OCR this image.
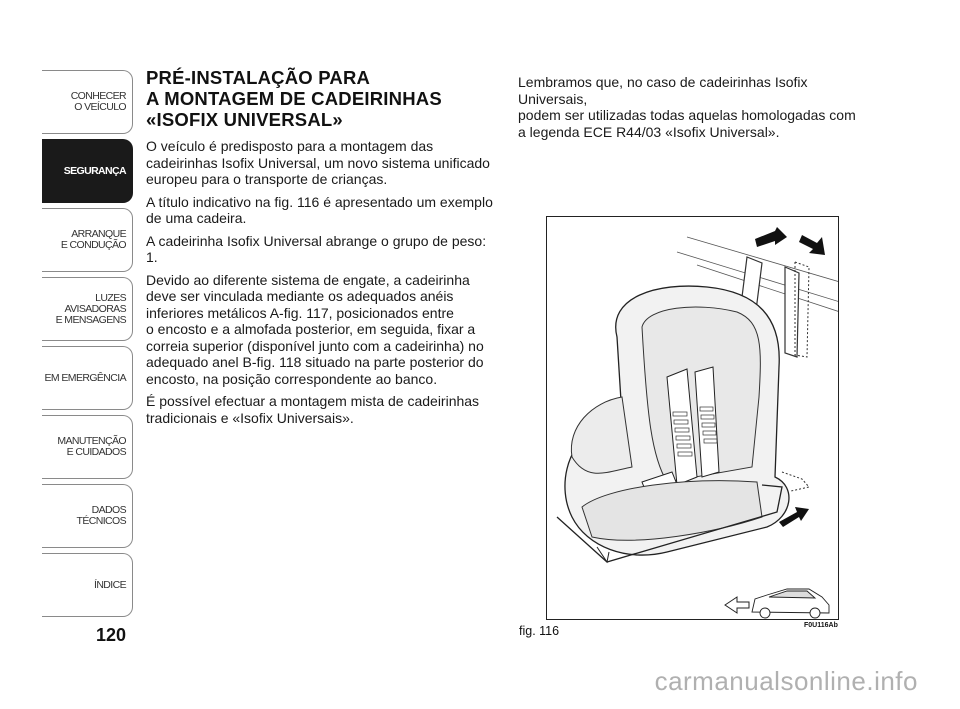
CONHECER
O VEÍCULO
SEGURANÇA
ARRANQUE
E CONDUÇÃO
LUZES
AVISADORAS
E MENSAGENS
EM EMERGÊNCIA
MANUTENÇÃO
E CUIDADOS
DADOS
TÉCNICOS
ÍNDICE
120
PRÉ-INSTALAÇÃO PARA
A MONTAGEM DE CADEIRINHAS
«ISOFIX UNIVERSAL»

O veículo é predisposto para a montagem das
cadeirinhas Isofix Universal, um novo sistema unificado
europeu para o transporte de crianças.

A título indicativo na fig. 116 é apresentado um exemplo
de uma cadeira.

A cadeirinha Isofix Universal abrange o grupo de peso: 1.

Devido ao diferente sistema de engate, a cadeirinha
deve ser vinculada mediante os adequados anéis
inferiores metálicos A-fig. 117, posicionados entre
o encosto e a almofada posterior, em seguida, fixar a
correia superior (disponível junto com a cadeirinha) no
adequado anel B-fig. 118 situado na parte posterior do
encosto, na posição correspondente ao banco.

É possível efectuar a montagem mista de cadeirinhas
tradicionais e «Isofix Universais».

Lembramos que, no caso de cadeirinhas Isofix Universais,
podem ser utilizadas todas aquelas homologadas com
a legenda ECE R44/03 «Isofix Universal».

fig. 116	F0U116Ab
carmanualsonline.info
